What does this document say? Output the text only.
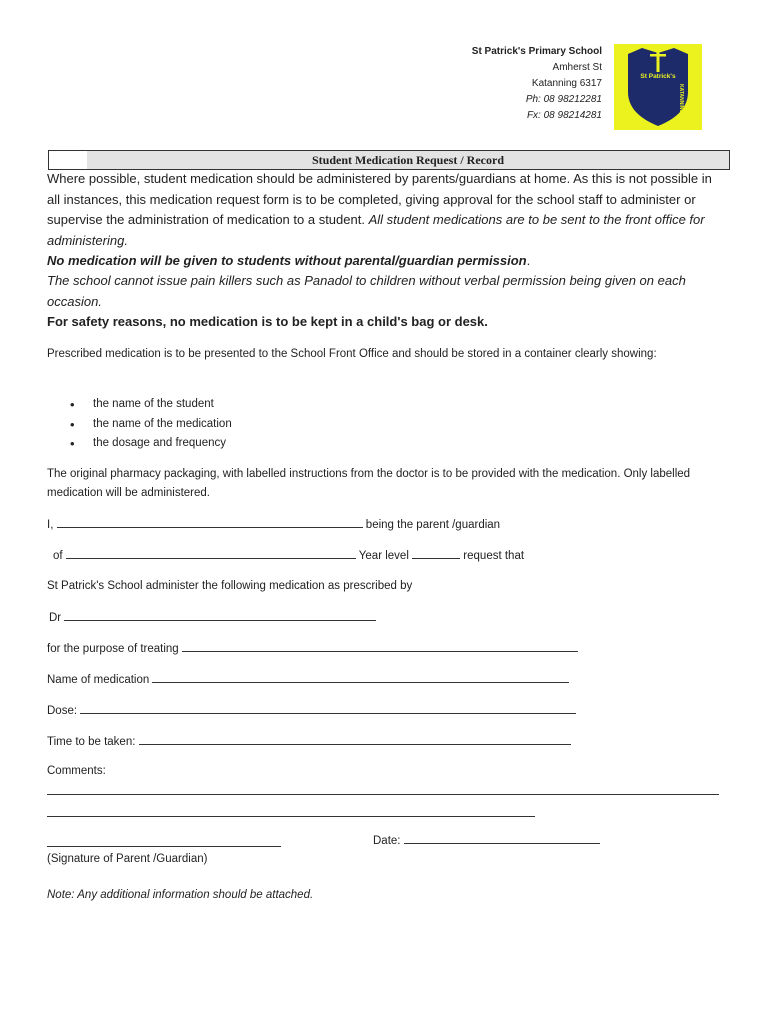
St Patrick's Primary School
Amherst St
Katanning 6317
Ph: 08 98212281
Fx: 08 98214281
St Patrick's
KATANNING
Student Medication Request / Record
Where possible, student medication should be administered by parents/guardians at home. As this is not possible in all instances, this medication request form is to be completed, giving approval for the school staff to administer or supervise the administration of medication to a student. All student medications are to be sent to the front office for administering.
No medication will be given to students without parental/guardian permission.
The school cannot issue pain killers such as Panadol to children without verbal permission being given on each occasion.
For safety reasons, no medication is to be kept in a child's bag or desk.
Prescribed medication is to be presented to the School Front Office and should be stored in a container clearly showing:
•	the name of the student
•	the name of the medication
•	the dosage and frequency
The original pharmacy packaging, with labelled instructions from the doctor is to be provided with the medication. Only labelled medication will be administered.
I,	being the parent /guardian
of	Year level	request that
St Patrick's School administer the following medication as prescribed by
Dr
for the purpose of treating
Name of medication
Dose:
Time to be taken:
Comments:
Date:
(Signature of Parent /Guardian)
Note: Any additional information should be attached.
